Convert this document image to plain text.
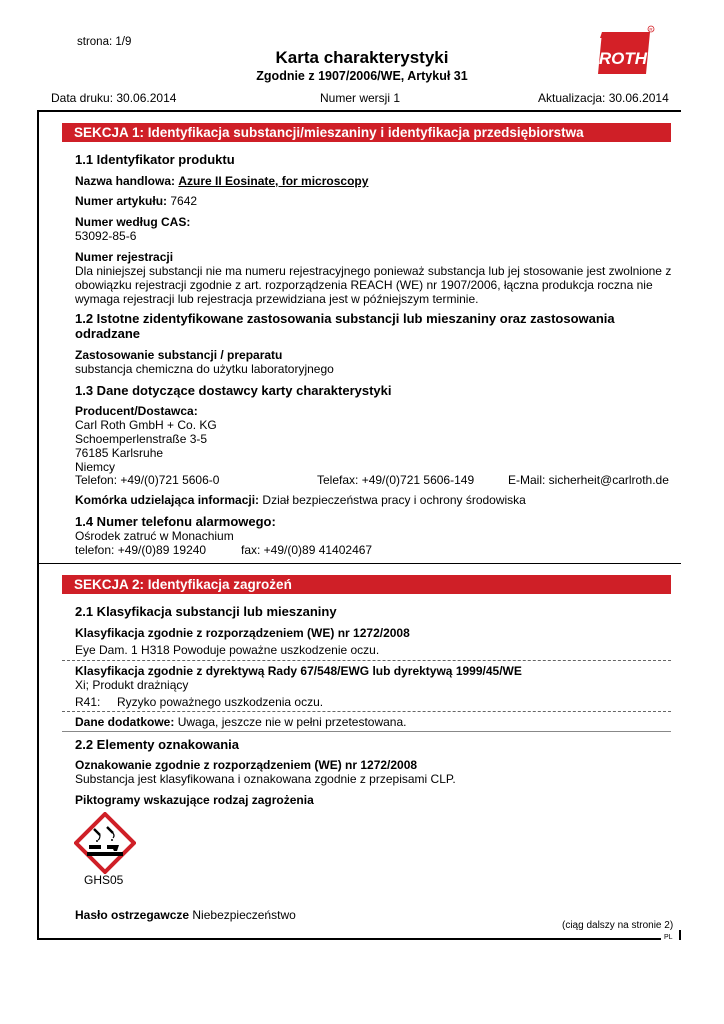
strona: 1/9
Karta charakterystyki
Zgodnie z 1907/2006/WE, Artykuł 31
ROTH
R
Data druku: 30.06.2014	Numer wersji 1	Aktualizacja: 30.06.2014
SEKCJA 1: Identyfikacja substancji/mieszaniny i identyfikacja przedsiębiorstwa
1.1 Identyfikator produktu
Nazwa handlowa: Azure II Eosinate, for microscopy
Numer artykułu: 7642
Numer według CAS:
53092-85-6
Numer rejestracji
Dla niniejszej substancji nie ma numeru rejestracyjnego ponieważ substancja lub jej stosowanie jest zwolnione z obowiązku rejestracji zgodnie z art. rozporządzenia REACH (WE) nr 1907/2006, łączna produkcja roczna nie wymaga rejestracji lub rejestracja przewidziana jest w późniejszym terminie.
1.2 Istotne zidentyfikowane zastosowania substancji lub mieszaniny oraz zastosowania odradzane
Zastosowanie substancji / preparatu
substancja chemiczna do użytku laboratoryjnego
1.3 Dane dotyczące dostawcy karty charakterystyki
Producent/Dostawca:
Carl Roth GmbH + Co. KG
Schoemperlenstraße 3-5
76185 Karlsruhe
Niemcy
Telefon: +49/(0)721 5606-0	Telefax: +49/(0)721 5606-149	E-Mail: sicherheit@carlroth.de
Komórka udzielająca informacji: Dział bezpieczeństwa pracy i ochrony środowiska
1.4 Numer telefonu alarmowego:
Ośrodek zatruć w Monachium
telefon: +49/(0)89 19240	fax: +49/(0)89 41402467
SEKCJA 2: Identyfikacja zagrożeń
2.1 Klasyfikacja substancji lub mieszaniny
Klasyfikacja zgodnie z rozporządzeniem (WE) nr 1272/2008
Eye Dam. 1 H318 Powoduje poważne uszkodzenie oczu.
Klasyfikacja zgodnie z dyrektywą Rady 67/548/EWG lub dyrektywą 1999/45/WE
Xi; Produkt drażniący
R41: Ryzyko poważnego uszkodzenia oczu.
Dane dodatkowe: Uwaga, jeszcze nie w pełni przetestowana.
2.2 Elementy oznakowania
Oznakowanie zgodnie z rozporządzeniem (WE) nr 1272/2008
Substancja jest klasyfikowana i oznakowana zgodnie z przepisami CLP.
Piktogramy wskazujące rodzaj zagrożenia
GHS05
Hasło ostrzegawcze Niebezpieczeństwo
(ciąg dalszy na stronie 2)
PL
